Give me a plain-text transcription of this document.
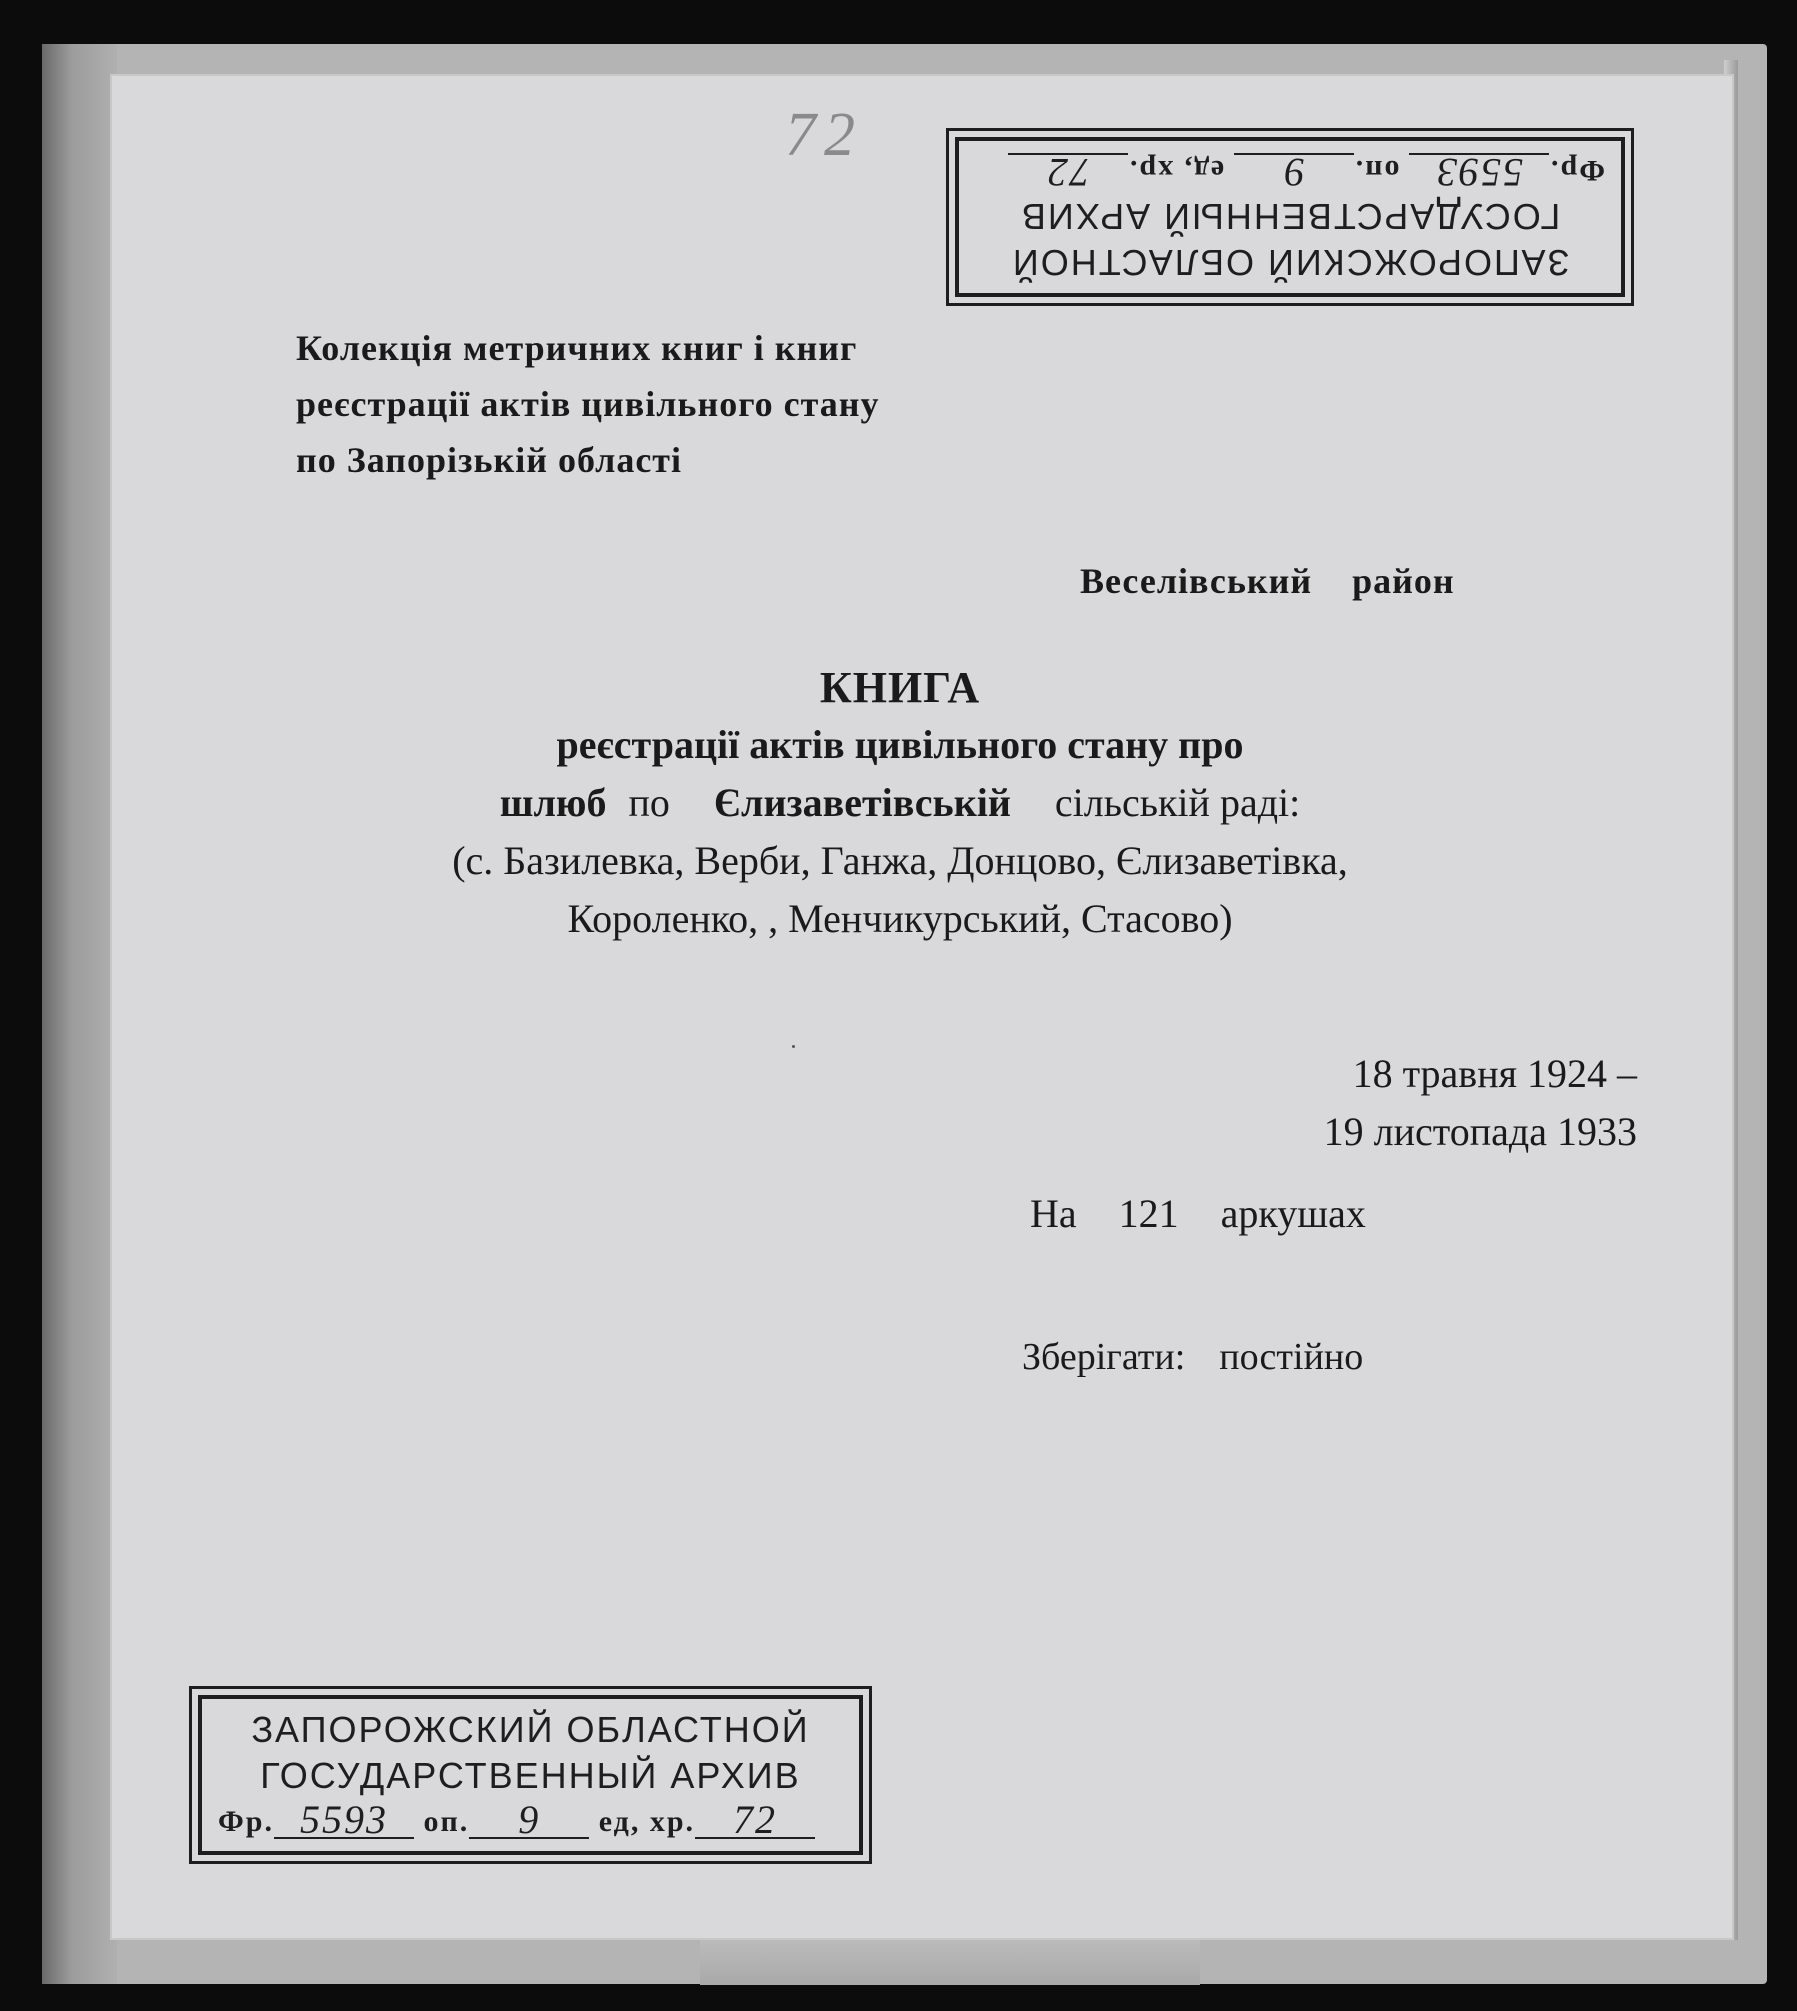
72
ЗАПОРОЖСКИЙ ОБЛАСТНОЙ
ГОСУДАРСТВЕННЫЙ АРХИВ
Фр.5593 оп.9 ед, хр.72
Колекція метричних книг і книг
реєстрації актів цивільного стану
по Запорізькій області
Веселівський район
КНИГА
реєстрації актів цивільного стану про
шлюб по Єлизаветівській сільській раді:
(с. Базилевка, Верби, Ганжа, Донцово, Єлизаветівка,
Короленко, , Менчикурський, Стасово)
18 травня 1924 –
19 листопада 1933
На 121 аркушах
Зберігати: постійно
ЗАПОРОЖСКИЙ ОБЛАСТНОЙ
ГОСУДАРСТВЕННЫЙ АРХИВ
Фр. 5593 оп. 9 ед, хр. 72
